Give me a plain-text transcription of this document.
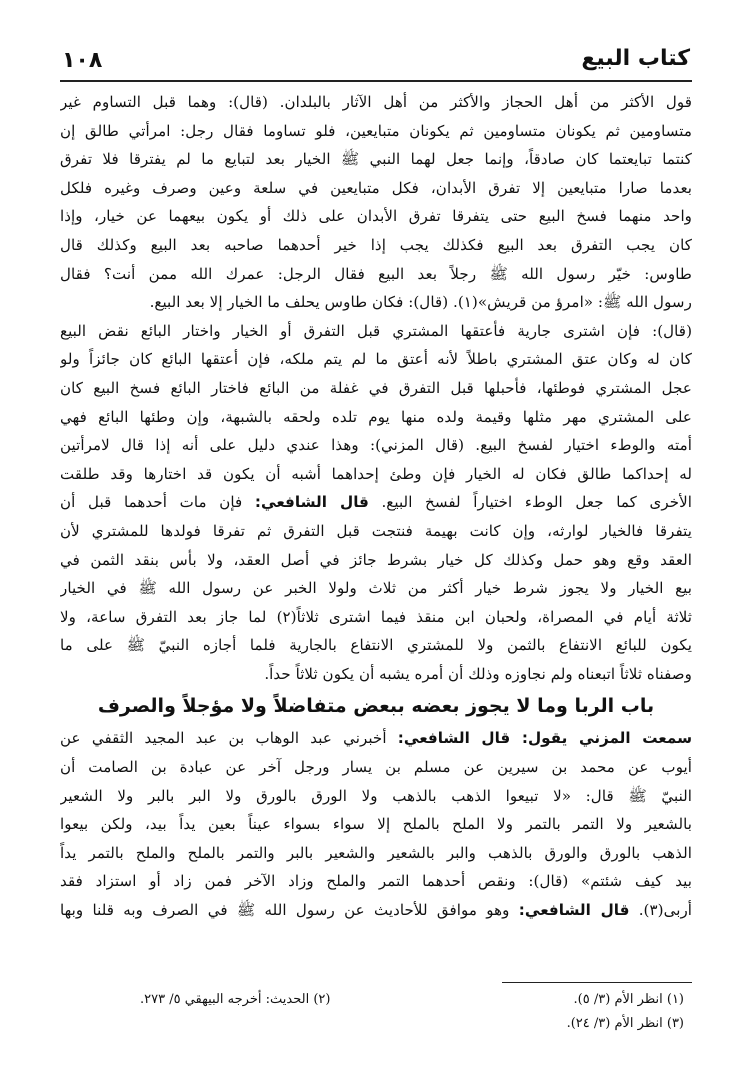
١٠٨	كتاب البيع
قول الأكثر من أهل الحجاز والأكثر من أهل الآثار بالبلدان. (قال): وهما قبل التساوم غير
متساومين ثم يكونان متساومين ثم يكونان متبايعين، فلو تساوما فقال رجل: امرأتي طالق إن
كنتما تبايعتما كان صادقاً، وإنما جعل لهما النبي ﷺ الخيار بعد لتبايع ما لم يفترقا فلا تفرق
بعدما صارا متبايعين إلا تفرق الأبدان، فكل متبايعين في سلعة وعين وصرف وغيره فلكل
واحد منهما فسخ البيع حتى يتفرقا تفرق الأبدان على ذلك أو يكون بيعهما عن خيار، وإذا
كان يجب التفرق بعد البيع فكذلك يجب إذا خير أحدهما صاحبه بعد البيع وكذلك قال
طاوس: خيّر رسول الله ﷺ رجلاً بعد البيع فقال الرجل: عمرك الله ممن أنت؟ فقال
رسول الله ﷺ: «امرؤ من قريش»(١). (قال): فكان طاوس يحلف ما الخيار إلا بعد البيع.
(قال): فإن اشترى جارية فأعتقها المشتري قبل التفرق أو الخيار واختار البائع نقض البيع
كان له وكان عتق المشتري باطلاً لأنه أعتق ما لم يتم ملكه، فإن أعتقها البائع كان جائزاً ولو
عجل المشتري فوطئها، فأحبلها قبل التفرق في غفلة من البائع فاختار البائع فسخ البيع كان
على المشتري مهر مثلها وقيمة ولده منها يوم تلده ولحقه بالشبهة، وإن وطئها البائع فهي
أمته والوطء اختيار لفسخ البيع. (قال المزني): وهذا عندي دليل على أنه إذا قال لامرأتين
له إحداكما طالق فكان له الخيار فإن وطئ إحداهما أشبه أن يكون قد اختارها وقد طلقت
الأخرى كما جعل الوطء اختياراً لفسخ البيع. قال الشافعي: فإن مات أحدهما قبل أن
يتفرقا فالخيار لوارثه، وإن كانت بهيمة فنتجت قبل التفرق ثم تفرقا فولدها للمشتري لأن
العقد وقع وهو حمل وكذلك كل خيار بشرط جائز في أصل العقد، ولا بأس بنقد الثمن في
بيع الخيار ولا يجوز شرط خيار أكثر من ثلاث ولولا الخبر عن رسول الله ﷺ في الخيار
ثلاثة أيام في المصراة، ولحبان ابن منقذ فيما اشترى ثلاثاً(٢) لما جاز بعد التفرق ساعة، ولا
يكون للبائع الانتفاع بالثمن ولا للمشتري الانتفاع بالجارية فلما أجازه النبيّ ﷺ على ما
وصفناه ثلاثاً اتبعناه ولم نجاوزه وذلك أن أمره يشبه أن يكون ثلاثاً حداً.
باب الربا وما لا يجوز بعضه ببعض متفاضلاً ولا مؤجلاً والصرف
سمعت المزني يقول: قال الشافعي: أخبرني عبد الوهاب بن عبد المجيد الثقفي عن
أيوب عن محمد بن سيرين عن مسلم بن يسار ورجل آخر عن عبادة بن الصامت أن
النبيّ ﷺ قال: «لا تبيعوا الذهب بالذهب ولا الورق بالورق ولا البر بالبر ولا الشعير
بالشعير ولا التمر بالتمر ولا الملح بالملح إلا سواء بسواء عيناً بعين يداً بيد، ولكن بيعوا
الذهب بالورق والورق بالذهب والبر بالشعير والشعير بالبر والتمر بالملح والملح بالتمر يداً
بيد كيف شئتم» (قال): ونقص أحدهما التمر والملح وزاد الآخر فمن زاد أو استزاد فقد
أربى(٣). قال الشافعي: وهو موافق للأحاديث عن رسول الله ﷺ في الصرف وبه قلنا وبها
(١) انظر الأم (٣/ ٥).
(٢) الحديث: أخرجه البيهقي ٥/ ٢٧٣.
(٣) انظر الأم (٣/ ٢٤).
